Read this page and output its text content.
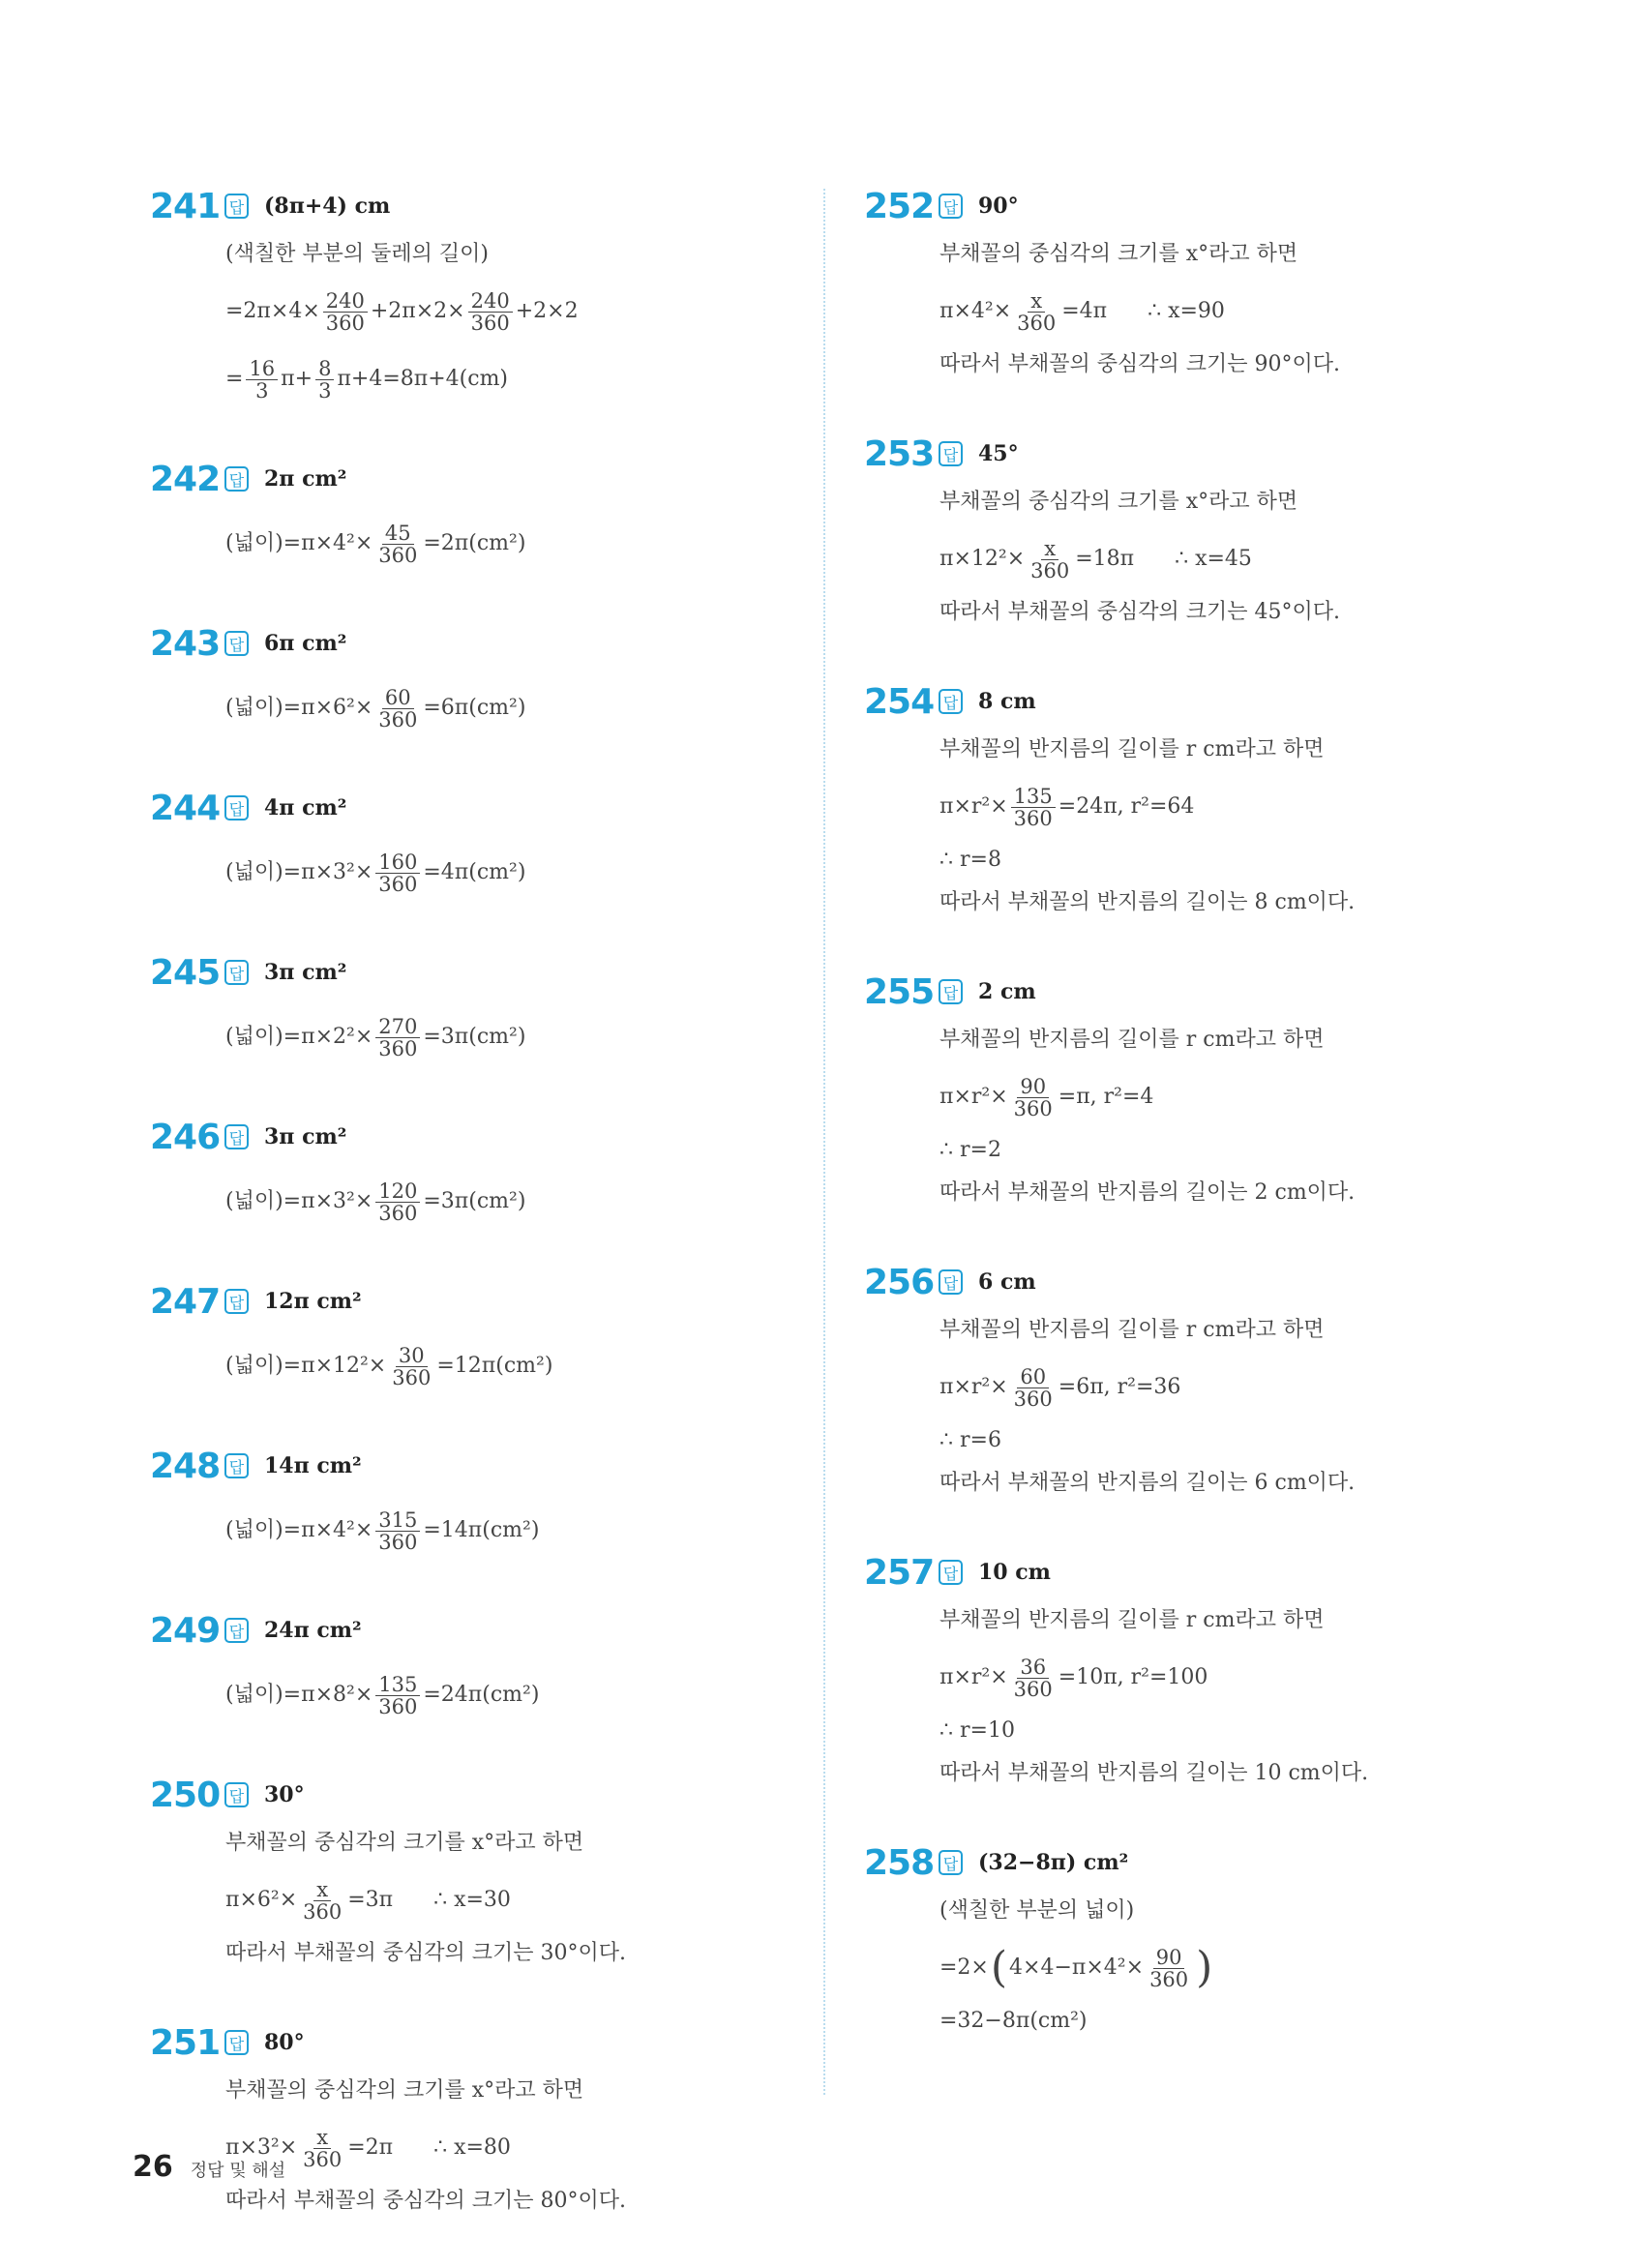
241 답 (8π+4) cm
(색칠한 부분의 둘레의 길이)
$=2\pi\times 4\times \frac{240}{360} +2\pi\times 2\times \frac{240}{360} +2\times 2$
= $\frac{16}{3} \pi+ \frac{8}{3} \pi+4=8\pi+4(cm)$
242 답 2π cm²
(넓이)$=\pi\times 4^2\times \frac{45}{360} =2\pi(cm^2)$
243 답 6π cm²
(넓이)$=\pi\times 6^2\times \frac{60}{360} =6\pi(cm^2)$
244 답 4π cm²
(넓이)$=\pi\times 3^2\times \frac{160}{360} =4\pi(cm^2)$
245 답 3π cm²
(넓이)$=\pi\times 2^2\times \frac{270}{360} =3\pi(cm^2)$
246 답 3π cm²
(넓이)$=\pi\times 3^2\times \frac{120}{360} =3\pi(cm^2)$
247 답 12π cm²
(넓이)$=\pi\times 12^2\times \frac{30}{360} =12\pi(cm^2)$
248 답 14π cm²
(넓이)$=\pi\times 4^2\times \frac{315}{360} =14\pi(cm^2)$
249 답 24π cm²
(넓이)$=\pi\times 8^2\times \frac{135}{360} =24\pi(cm^2)$
250 답 30°
부채꼴의 중심각의 크기를 x°라고 하면
$\pi\times 6^2\times \frac{x}{360} =3\pi$      ∴ x=30
따라서 부채꼴의 중심각의 크기는 30°이다.
251 답 80°
부채꼴의 중심각의 크기를 x°라고 하면
$\pi\times 3^2\times \frac{x}{360} =2\pi$      ∴ x=80
따라서 부채꼴의 중심각의 크기는 80°이다.
252 답 90°
부채꼴의 중심각의 크기를 x°라고 하면
$\pi\times 4^2\times \frac{x}{360} =4\pi$      ∴ x=90
따라서 부채꼴의 중심각의 크기는 90°이다.
253 답 45°
부채꼴의 중심각의 크기를 x°라고 하면
$\pi\times 12^2\times \frac{x}{360} =18\pi$      ∴ x=45
따라서 부채꼴의 중심각의 크기는 45°이다.
254 답 8 cm
부채꼴의 반지름의 길이를 r cm라고 하면
$\pi\times r^2\times \frac{135}{360} =24\pi$, r²=64
∴ r=8
따라서 부채꼴의 반지름의 길이는 8 cm이다.
255 답 2 cm
부채꼴의 반지름의 길이를 r cm라고 하면
$\pi\times r^2\times \frac{90}{360} =\pi$, r²=4
∴ r=2
따라서 부채꼴의 반지름의 길이는 2 cm이다.
256 답 6 cm
부채꼴의 반지름의 길이를 r cm라고 하면
$\pi\times r^2\times \frac{60}{360} =6\pi$, r²=36
∴ r=6
따라서 부채꼴의 반지름의 길이는 6 cm이다.
257 답 10 cm
부채꼴의 반지름의 길이를 r cm라고 하면
$\pi\times r^2\times \frac{36}{360} =10\pi$, r²=100
∴ r=10
따라서 부채꼴의 반지름의 길이는 10 cm이다.
258 답 (32−8π) cm²
(색칠한 부분의 넓이)
=2× ( $4\times 4-\pi\times 4^2\times \frac{90}{360}$ )
=32−8π(cm²)
26 정답 및 해설
